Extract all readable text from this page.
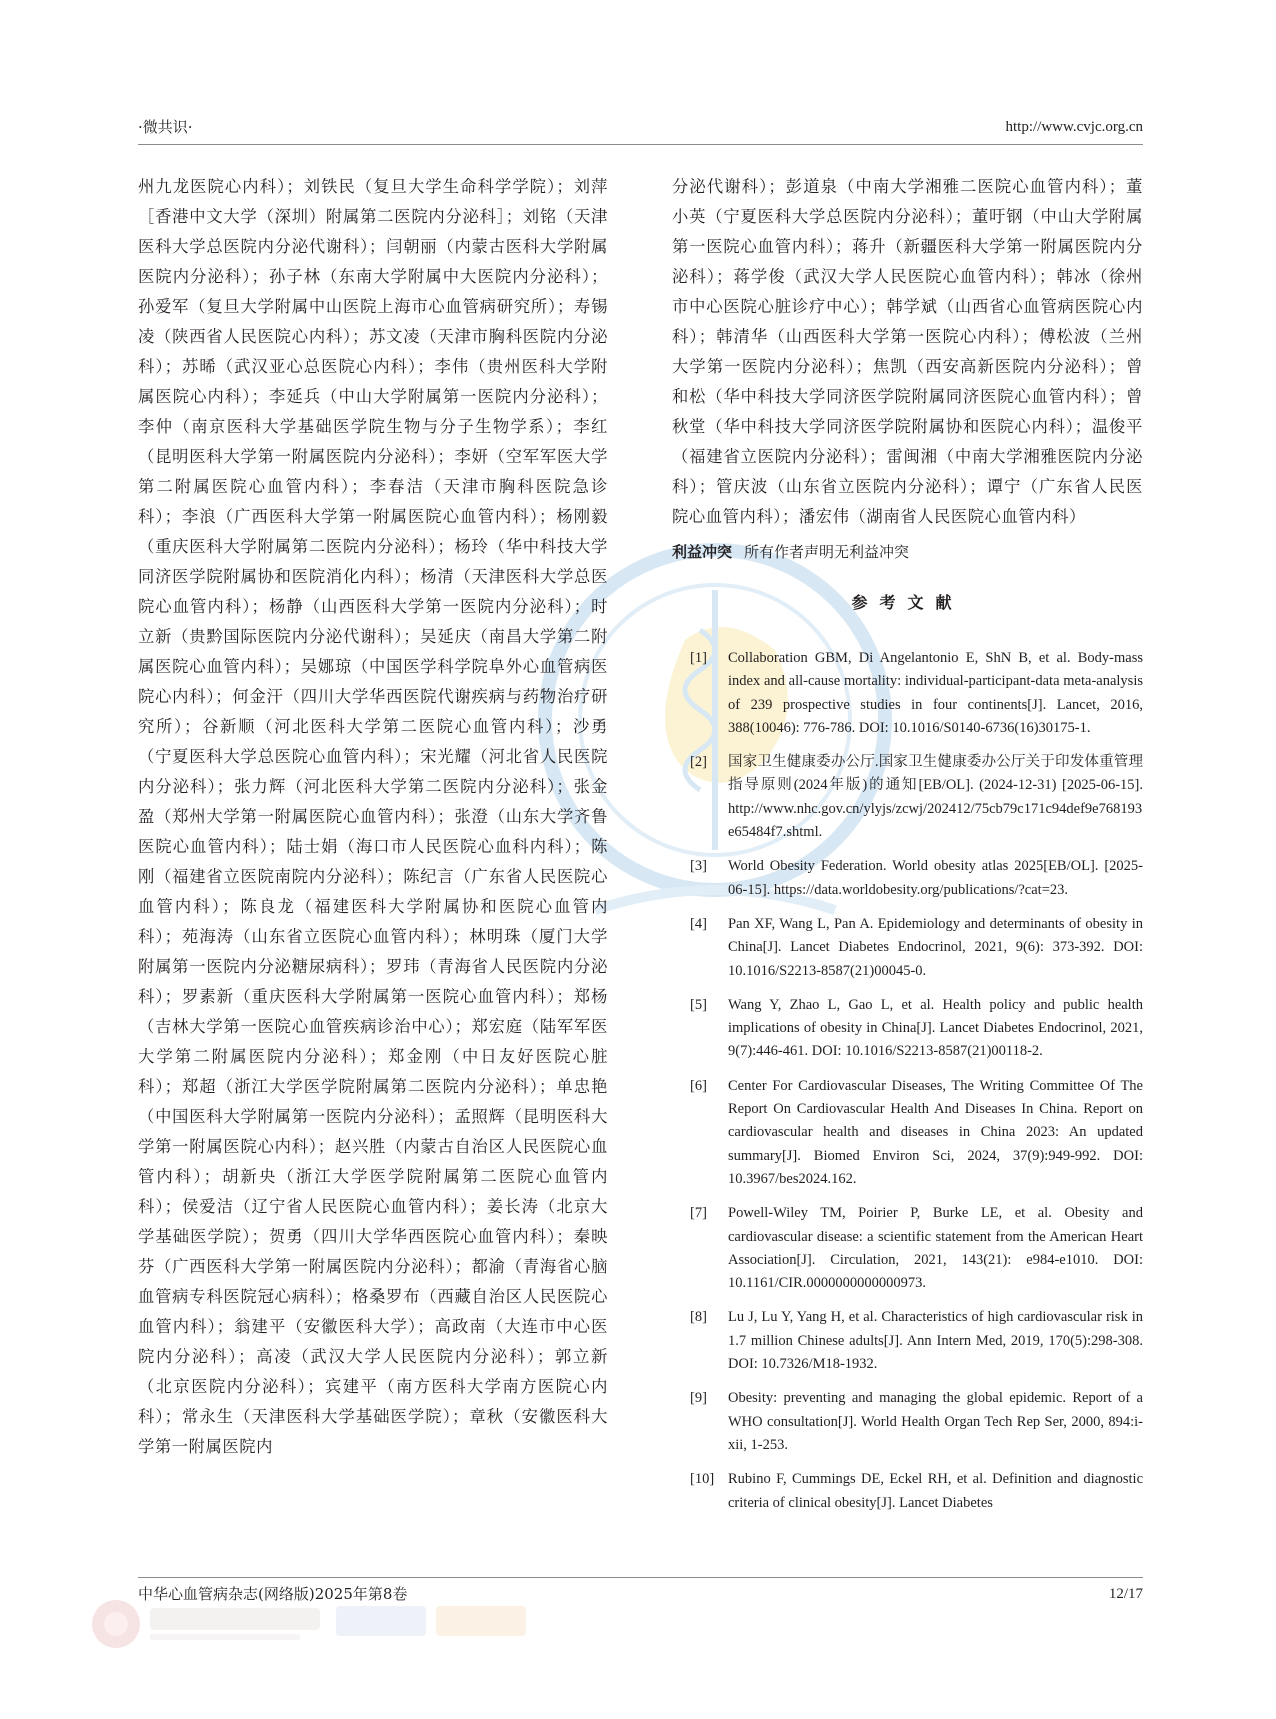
·微共识·	http://www.cvjc.org.cn

州九龙医院心内科）；刘铁民（复旦大学生命科学学院）；刘萍［香港中文大学（深圳）附属第二医院内分泌科］；刘铭（天津医科大学总医院内分泌代谢科）；闫朝丽（内蒙古医科大学附属医院内分泌科）；孙子林（东南大学附属中大医院内分泌科）；孙爱军（复旦大学附属中山医院上海市心血管病研究所）；寿锡凌（陕西省人民医院心内科）；苏文凌（天津市胸科医院内分泌科）；苏晞（武汉亚心总医院心内科）；李伟（贵州医科大学附属医院心内科）；李延兵（中山大学附属第一医院内分泌科）；李仲（南京医科大学基础医学院生物与分子生物学系）；李红（昆明医科大学第一附属医院内分泌科）；李妍（空军军医大学第二附属医院心血管内科）；李春洁（天津市胸科医院急诊科）；李浪（广西医科大学第一附属医院心血管内科）；杨刚毅（重庆医科大学附属第二医院内分泌科）；杨玲（华中科技大学同济医学院附属协和医院消化内科）；杨清（天津医科大学总医院心血管内科）；杨静（山西医科大学第一医院内分泌科）；时立新（贵黔国际医院内分泌代谢科）；吴延庆（南昌大学第二附属医院心血管内科）；吴娜琼（中国医学科学院阜外心血管病医院心内科）；何金汗（四川大学华西医院代谢疾病与药物治疗研究所）；谷新顺（河北医科大学第二医院心血管内科）；沙勇（宁夏医科大学总医院心血管内科）；宋光耀（河北省人民医院内分泌科）；张力辉（河北医科大学第二医院内分泌科）；张金盈（郑州大学第一附属医院心血管内科）；张澄（山东大学齐鲁医院心血管内科）；陆士娟（海口市人民医院心血科内科）；陈刚（福建省立医院南院内分泌科）；陈纪言（广东省人民医院心血管内科）；陈良龙（福建医科大学附属协和医院心血管内科）；苑海涛（山东省立医院心血管内科）；林明珠（厦门大学附属第一医院内分泌糖尿病科）；罗玮（青海省人民医院内分泌科）；罗素新（重庆医科大学附属第一医院心血管内科）；郑杨（吉林大学第一医院心血管疾病诊治中心）；郑宏庭（陆军军医大学第二附属医院内分泌科）；郑金刚（中日友好医院心脏科）；郑超（浙江大学医学院附属第二医院内分泌科）；单忠艳（中国医科大学附属第一医院内分泌科）；孟照辉（昆明医科大学第一附属医院心内科）；赵兴胜（内蒙古自治区人民医院心血管内科）；胡新央（浙江大学医学院附属第二医院心血管内科）；侯爱洁（辽宁省人民医院心血管内科）；姜长涛（北京大学基础医学院）；贺勇（四川大学华西医院心血管内科）；秦映芬（广西医科大学第一附属医院内分泌科）；都渝（青海省心脑血管病专科医院冠心病科）；格桑罗布（西藏自治区人民医院心血管内科）；翁建平（安徽医科大学）；高政南（大连市中心医院内分泌科）；高凌（武汉大学人民医院内分泌科）；郭立新（北京医院内分泌科）；宾建平（南方医科大学南方医院心内科）；常永生（天津医科大学基础医学院）；章秋（安徽医科大学第一附属医院内

分泌代谢科）；彭道泉（中南大学湘雅二医院心血管内科）；董小英（宁夏医科大学总医院内分泌科）；董吁钢（中山大学附属第一医院心血管内科）；蒋升（新疆医科大学第一附属医院内分泌科）；蒋学俊（武汉大学人民医院心血管内科）；韩冰（徐州市中心医院心脏诊疗中心）；韩学斌（山西省心血管病医院心内科）；韩清华（山西医科大学第一医院心内科）；傅松波（兰州大学第一医院内分泌科）；焦凯（西安高新医院内分泌科）；曾和松（华中科技大学同济医学院附属同济医院心血管内科）；曾秋堂（华中科技大学同济医学院附属协和医院心内科）；温俊平（福建省立医院内分泌科）；雷闽湘（中南大学湘雅医院内分泌科）；管庆波（山东省立医院内分泌科）；谭宁（广东省人民医院心血管内科）；潘宏伟（湖南省人民医院心血管内科）

利益冲突 所有作者声明无利益冲突

参考文献
[1]	Collaboration GBM, Di Angelantonio E, ShN B, et al. Body-mass index and all-cause mortality: individual-participant-data meta-analysis of 239 prospective studies in four continents[J]. Lancet, 2016, 388(10046): 776-786. DOI: 10.1016/S0140-6736(16)30175-1.
[2]	国家卫生健康委办公厅.国家卫生健康委办公厅关于印发体重管理指导原则(2024年版)的通知[EB/OL]. (2024-12-31) [2025-06-15]. http://www.nhc.gov.cn/ylyjs/zcwj/202412/75cb79c171c94def9e768193e65484f7.shtml.
[3]	World Obesity Federation. World obesity atlas 2025[EB/OL]. [2025-06-15]. https://data.worldobesity.org/publications/?cat=23.
[4]	Pan XF, Wang L, Pan A. Epidemiology and determinants of obesity in China[J]. Lancet Diabetes Endocrinol, 2021, 9(6): 373-392. DOI: 10.1016/S2213-8587(21)00045-0.
[5]	Wang Y, Zhao L, Gao L, et al. Health policy and public health implications of obesity in China[J]. Lancet Diabetes Endocrinol, 2021, 9(7):446-461. DOI: 10.1016/S2213-8587(21)00118-2.
[6]	Center For Cardiovascular Diseases, The Writing Committee Of The Report On Cardiovascular Health And Diseases In China. Report on cardiovascular health and diseases in China 2023: An updated summary[J]. Biomed Environ Sci, 2024, 37(9):949-992. DOI: 10.3967/bes2024.162.
[7]	Powell-Wiley TM, Poirier P, Burke LE, et al. Obesity and cardiovascular disease: a scientific statement from the American Heart Association[J]. Circulation, 2021, 143(21): e984-e1010. DOI: 10.1161/CIR.0000000000000973.
[8]	Lu J, Lu Y, Yang H, et al. Characteristics of high cardiovascular risk in 1.7 million Chinese adults[J]. Ann Intern Med, 2019, 170(5):298-308. DOI: 10.7326/M18-1932.
[9]	Obesity: preventing and managing the global epidemic. Report of a WHO consultation[J]. World Health Organ Tech Rep Ser, 2000, 894:i-xii, 1-253.
[10] Rubino F, Cummings DE, Eckel RH, et al. Definition and diagnostic criteria of clinical obesity[J]. Lancet Diabetes
中华心血管病杂志(网络版)2025年第8卷	12/17
